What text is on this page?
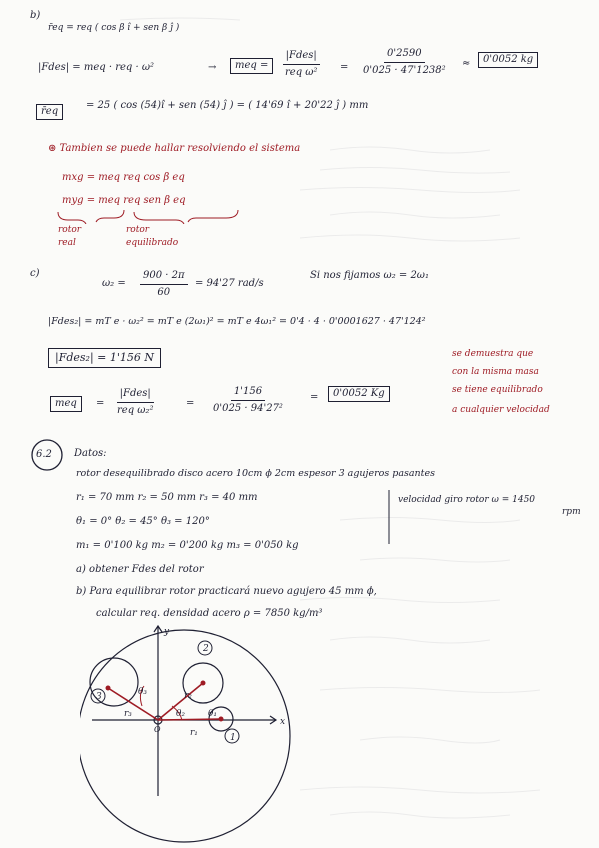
b)
r̄eq = req ( cos β î + sen β ĵ )
|Fdes| = meq · req · ω²	→	meq =
|Fdes|
req ω²	= $\frac{0'2590}{\text{0'025 · 47'1238²}}$ ≈	0'0052 kg
r̄eq
= 25 ( cos (54)î + sen (54) ĵ ) = ( 14'69 î + 20'22 ĵ ) mm
⊛ Tambien se puede hallar resolviendo el sistema
mxg = meq req cos β eq
myg = meq req sen β eq
rotor
real
rotor
equilibrado
c)
$\omega_2 = \frac{900 \cdot 2\pi}{60} = 94'27$ rad/s
Si nos fijamos ω₂ = 2ω₁
|Fdes₂| = mT e · ω₂² = mT e (2ω₁)² = mT e 4ω₁² = 0'4 · 4 · 0'0001627 · 47'124²
|Fdes₂| = 1'156 N
meq	=
|Fdes|
req ω₂²
= $\frac{1'156}{\text{0'025 · 94'27²}}$ =	0'0052 Kg
se demuestra que
con la misma masa
se tiene equilibrado
a cualquier velocidad
6.2 Datos:
rotor desequilibrado disco acero 10cm ϕ 2cm espesor 3 agujeros pasantes
r₁ = 70 mm r₂ = 50 mm r₃ = 40 mm	velocidad giro rotor ω = 1450
rpm
θ₁ = 0° θ₂ = 45° θ₃ = 120°
m₁ = 0'100 kg m₂ = 0'200 kg m₃ = 0'050 kg
a) obtener Fdes del rotor
b) Para equilibrar rotor practicará nuevo agujero 45 mm ϕ,
calcular req. densidad acero ρ = 7850 kg/m³
1
2
3
x
y
O	r₁
r₂
r₃
θ₃
θ₂	θ₁
